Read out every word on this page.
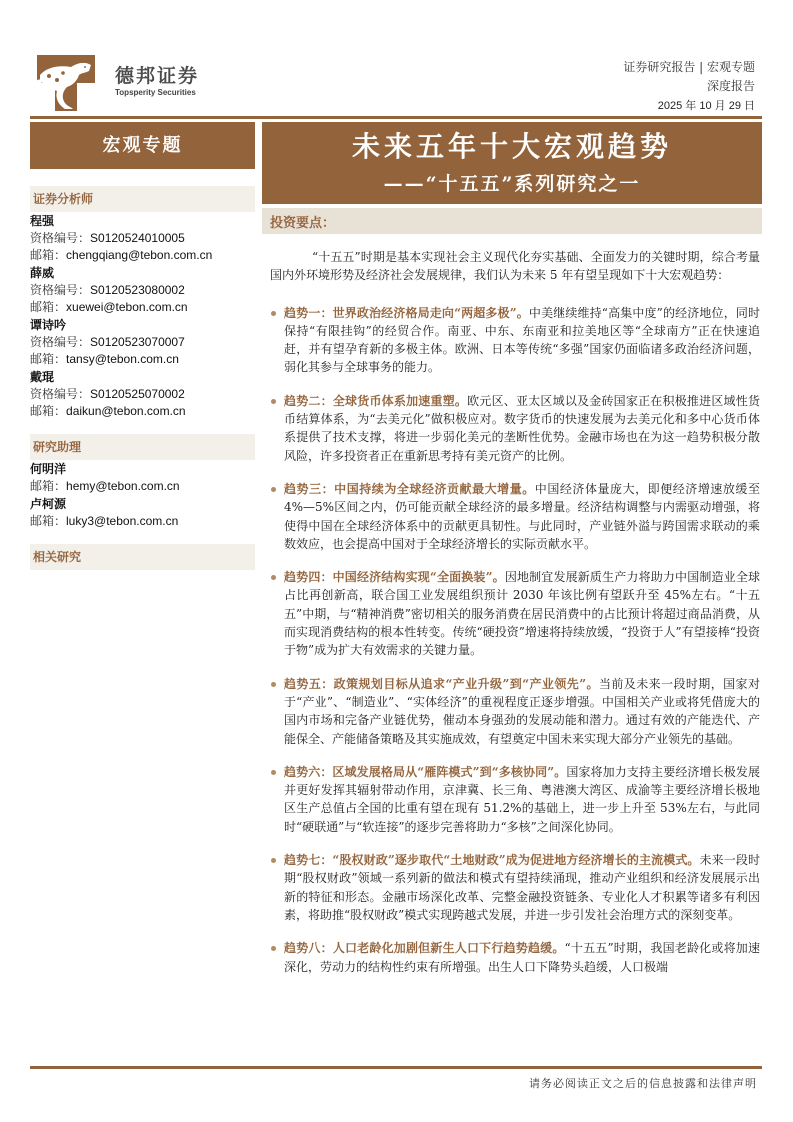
德邦证券
Topsperity Securities
证券研究报告 | 宏观专题
深度报告
2025 年 10 月 29 日
宏观专题	未来五年十大宏观趋势
——“十五五”系列研究之一
投资要点：
证券分析师
程强
资格编号：S0120524010005
邮箱：chengqiang@tebon.com.cn
薛威
资格编号：S0120523080002
邮箱：xuewei@tebon.com.cn
谭诗吟
资格编号：S0120523070007
邮箱：tansy@tebon.com.cn
戴琨
资格编号：S0120525070002
邮箱：daikun@tebon.com.cn
研究助理
何明洋
邮箱：hemy@tebon.com.cn
卢柯源
邮箱：luky3@tebon.com.cn
相关研究

“十五五”时期是基本实现社会主义现代化夯实基础、全面发力的关键时期，综合考量国内外环境形势及经济社会发展规律，我们认为未来 5 年有望呈现如下十大宏观趋势：

趋势一：世界政治经济格局走向“两超多极”。中美继续维持“高集中度”的经济地位，同时保持“有限挂钩”的经贸合作。南亚、中东、东南亚和拉美地区等“全球南方”正在快速追赶，并有望孕育新的多极主体。欧洲、日本等传统“多强”国家仍面临诸多政治经济问题，弱化其参与全球事务的能力。
趋势二：全球货币体系加速重塑。欧元区、亚太区域以及金砖国家正在积极推进区域性货币结算体系，为“去美元化”做积极应对。数字货币的快速发展为去美元化和多中心货币体系提供了技术支撑，将进一步弱化美元的垄断性优势。金融市场也在为这一趋势积极分散风险，许多投资者正在重新思考持有美元资产的比例。
趋势三：中国持续为全球经济贡献最大增量。中国经济体量庞大，即便经济增速放缓至 4%—5%区间之内，仍可能贡献全球经济的最多增量。经济结构调整与内需驱动增强，将使得中国在全球经济体系中的贡献更具韧性。与此同时，产业链外溢与跨国需求联动的乘数效应，也会提高中国对于全球经济增长的实际贡献水平。
趋势四：中国经济结构实现“全面换装”。因地制宜发展新质生产力将助力中国制造业全球占比再创新高，联合国工业发展组织预计 2030 年该比例有望跃升至 45%左右。“十五五”中期，与“精神消费”密切相关的服务消费在居民消费中的占比预计将超过商品消费，从而实现消费结构的根本性转变。传统“硬投资”增速将持续放缓，“投资于人”有望接棒“投资于物”成为扩大有效需求的关键力量。
趋势五：政策规划目标从追求“产业升级”到“产业领先”。当前及未来一段时期，国家对于“产业”、“制造业”、“实体经济”的重视程度正逐步增强。中国相关产业或将凭借庞大的国内市场和完备产业链优势，催动本身强劲的发展动能和潜力。通过有效的产能迭代、产能保全、产能储备策略及其实施成效，有望奠定中国未来实现大部分产业领先的基础。
趋势六：区域发展格局从“雁阵模式”到“多核协同”。国家将加力支持主要经济增长极发展并更好发挥其辐射带动作用，京津冀、长三角、粤港澳大湾区、成渝等主要经济增长极地区生产总值占全国的比重有望在现有 51.2%的基础上，进一步上升至 53%左右，与此同时“硬联通”与“软连接”的逐步完善将助力“多核”之间深化协同。
趋势七：“股权财政”逐步取代“土地财政”成为促进地方经济增长的主流模式。未来一段时期“股权财政”领域一系列新的做法和模式有望持续涌现，推动产业组织和经济发展展示出新的特征和形态。金融市场深化改革、完整金融投资链条、专业化人才积累等诸多有利因素，将助推“股权财政”模式实现跨越式发展，并进一步引发社会治理方式的深刻变革。
趋势八：人口老龄化加剧但新生人口下行趋势趋缓。“十五五”时期，我国老龄化或将加速深化，劳动力的结构性约束有所增强。出生人口下降势头趋缓，人口极端
请务必阅读正文之后的信息披露和法律声明
